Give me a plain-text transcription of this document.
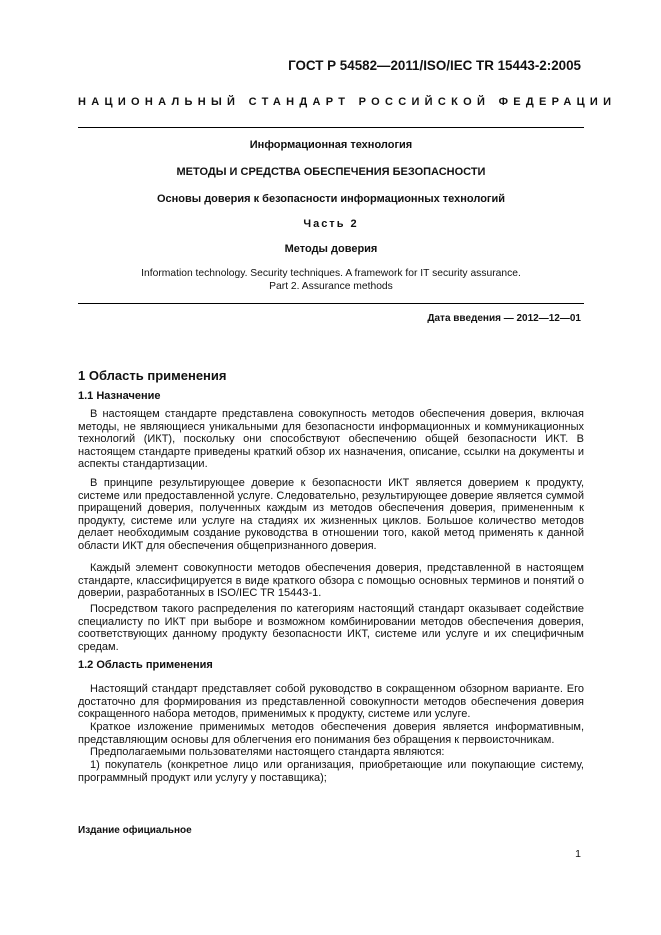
ГОСТ Р 54582—2011/ISO/IEC TR 15443-2:2005
НАЦИОНАЛЬНЫЙ СТАНДАРТ РОССИЙСКОЙ ФЕДЕРАЦИИ
Информационная технология
МЕТОДЫ И СРЕДСТВА ОБЕСПЕЧЕНИЯ БЕЗОПАСНОСТИ
Основы доверия к безопасности информационных технологий
Часть 2
Методы доверия
Information technology. Security techniques. A framework for IT security assurance.
Part 2. Assurance methods
Дата введения — 2012—12—01
1 Область применения
1.1 Назначение

В настоящем стандарте представлена совокупность методов обеспечения доверия, включая методы, не являющиеся уникальными для безопасности информационных и коммуникационных технологий (ИКТ), поскольку они способствуют обеспечению общей безопасности ИКТ. В настоящем стандарте приведены краткий обзор их назначения, описание, ссылки на документы и аспекты стандартизации.

В принципе результирующее доверие к безопасности ИКТ является доверием к продукту, системе или предоставленной услуге. Следовательно, результирующее доверие является суммой приращений доверия, полученных каждым из методов обеспечения доверия, примененным к продукту, системе или услуге на стадиях их жизненных циклов. Большое количество методов делает необходимым создание руководства в отношении того, какой метод применять к данной области ИКТ для обеспечения общепризнанного доверия.

Каждый элемент совокупности методов обеспечения доверия, представленной в настоящем стандарте, классифицируется в виде краткого обзора с помощью основных терминов и понятий о доверии, разработанных в ISO/IEC TR 15443-1.

Посредством такого распределения по категориям настоящий стандарт оказывает содействие специалисту по ИКТ при выборе и возможном комбинировании методов обеспечения доверия, соответствующих данному продукту безопасности ИКТ, системе или услуге и их специфичным средам.

1.2 Область применения

Настоящий стандарт представляет собой руководство в сокращенном обзорном варианте. Его достаточно для формирования из представленной совокупности методов обеспечения доверия сокращенного набора методов, применимых к продукту, системе или услуге.

Краткое изложение применимых методов обеспечения доверия является информативным, представляющим основы для облегчения его понимания без обращения к первоисточникам.

Предполагаемыми пользователями настоящего стандарта являются:

1) покупатель (конкретное лицо или организация, приобретающие или покупающие систему, программный продукт или услугу у поставщика);

Издание официальное
1
